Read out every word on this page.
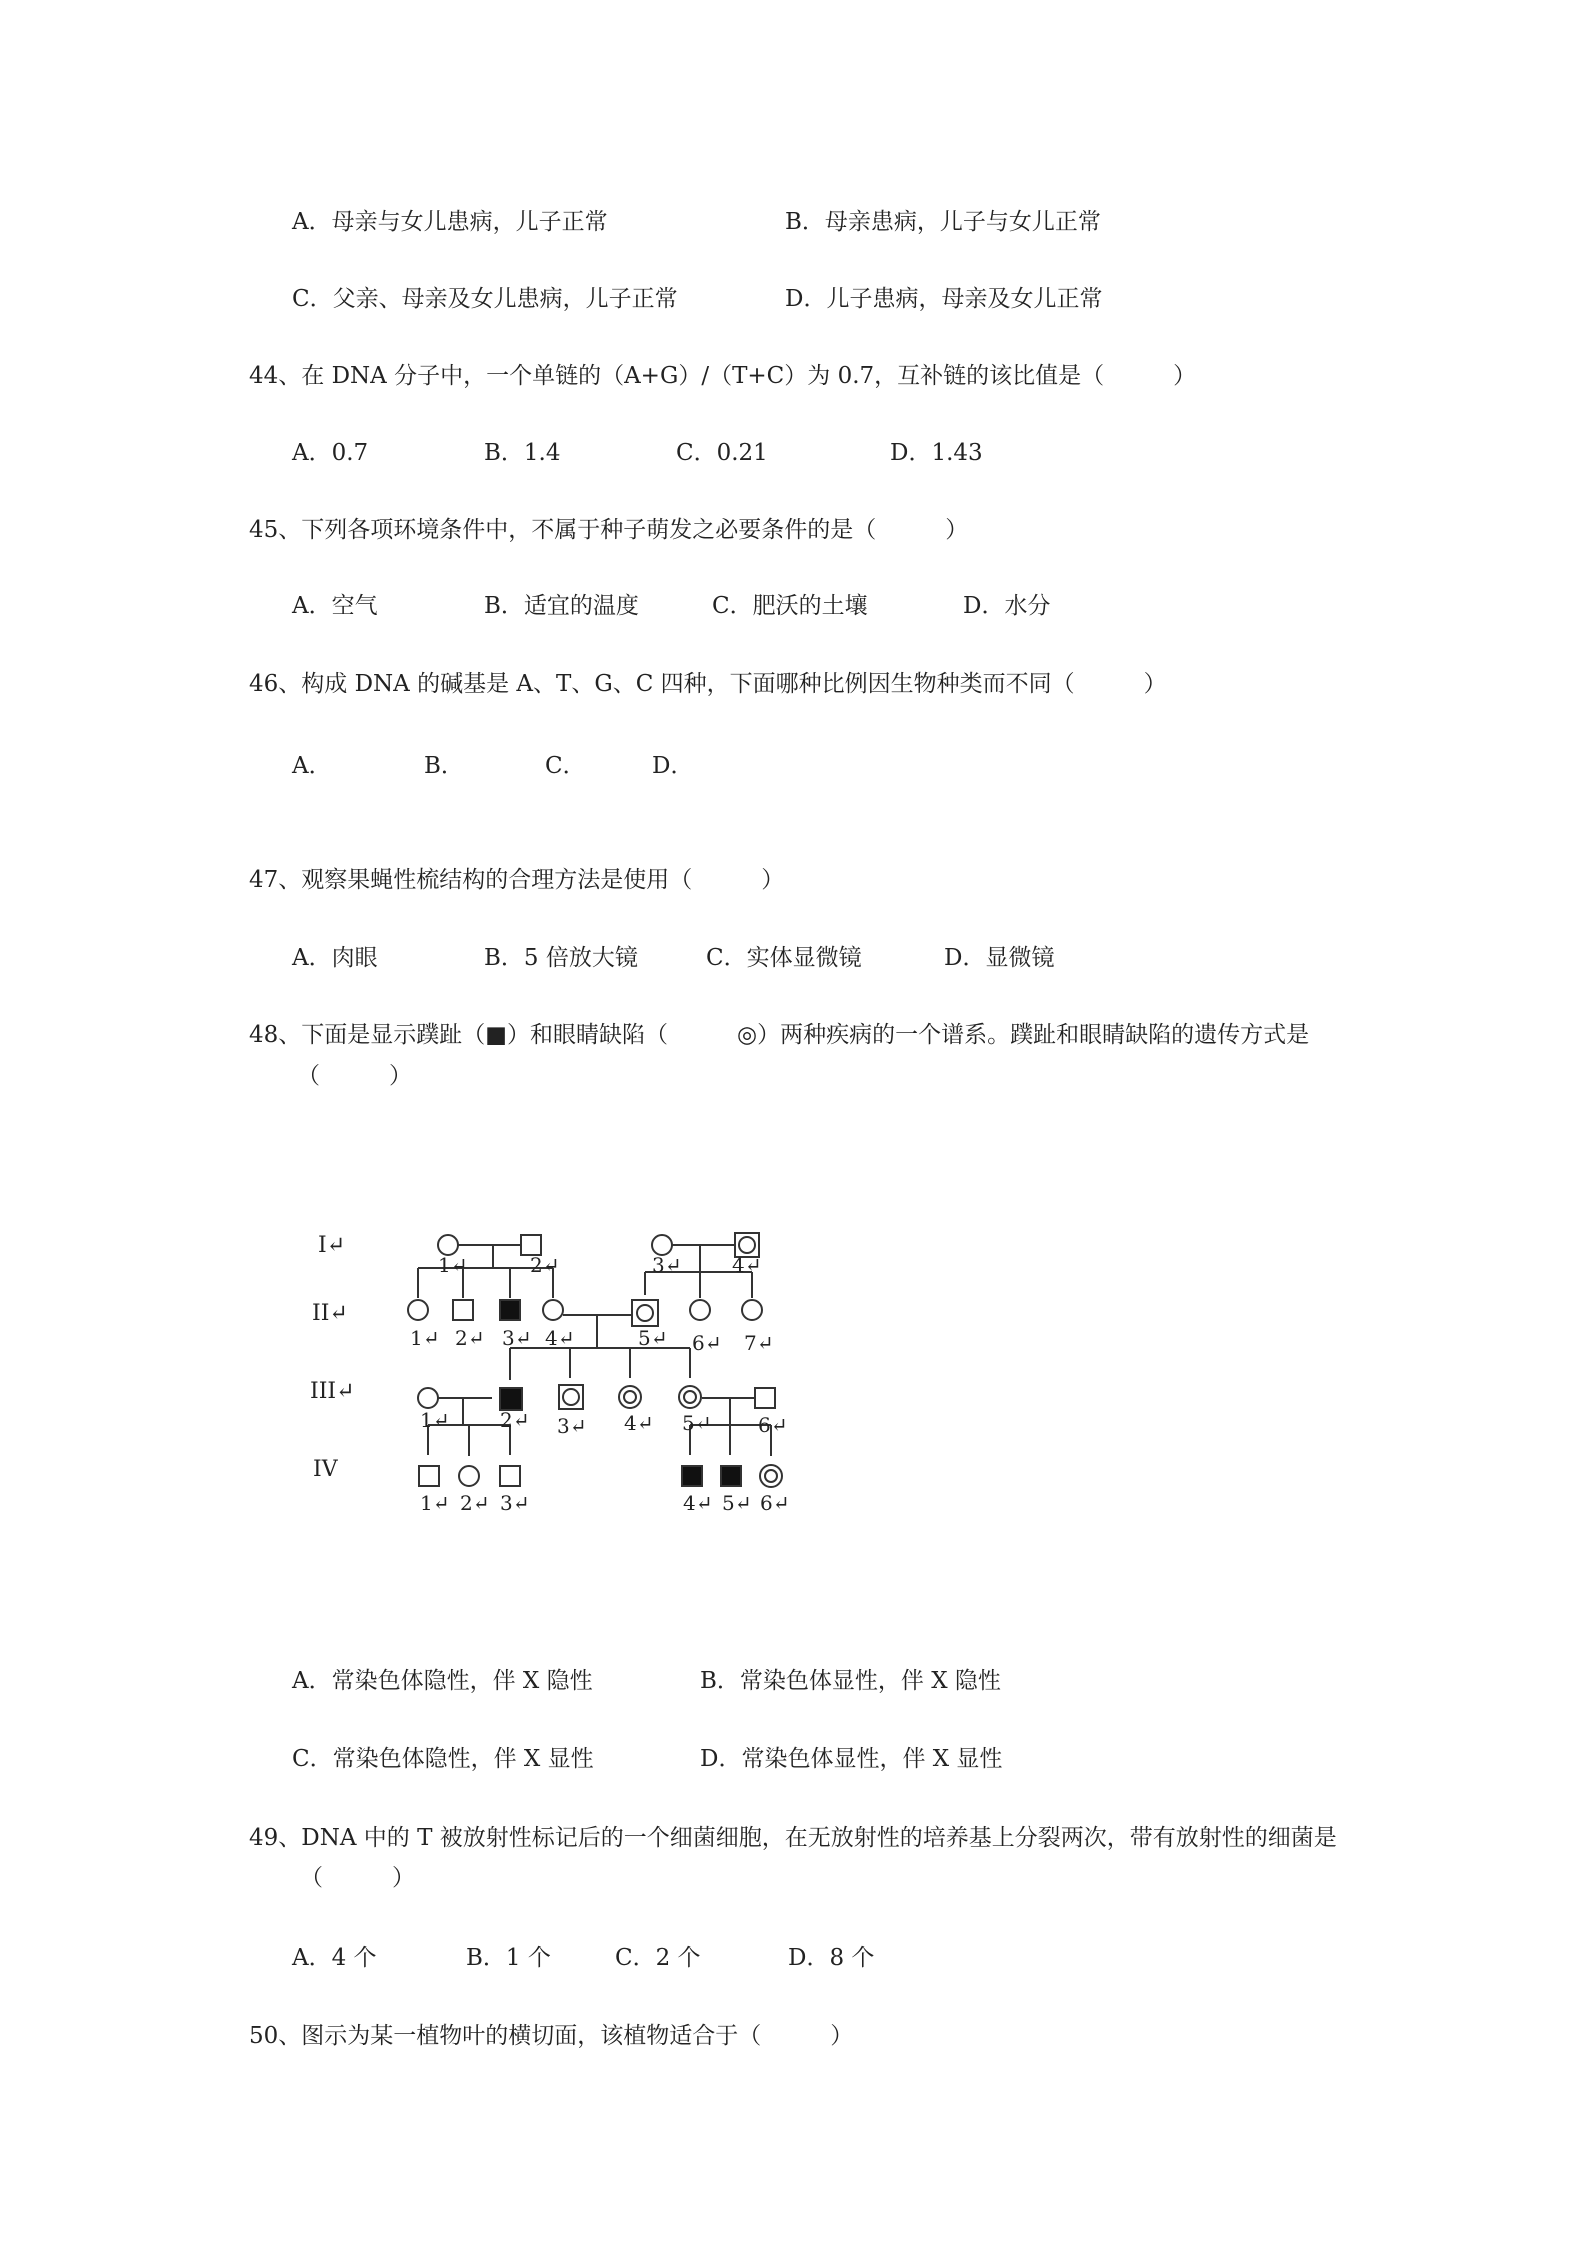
A．母亲与女儿患病，儿子正常	B．母亲患病，儿子与女儿正常
C．父亲、母亲及女儿患病，儿子正常	D．儿子患病，母亲及女儿正常
44、在 DNA 分子中，一个单链的（A+G）/（T+C）为 0.7，互补链的该比值是（　　　）
A．0.7	B．1.4	C．0.21	D．1.43
45、下列各项环境条件中，不属于种子萌发之必要条件的是（　　　）
A．空气	B．适宜的温度	C．肥沃的土壤	D．水分
46、构成 DNA 的碱基是 A、T、G、C 四种，下面哪种比例因生物种类而不同（　　　）
A．	B．	C．	D．
47、观察果蝇性梳结构的合理方法是使用（　　　）
A．肉眼	B．5 倍放大镜	C．实体显微镜	D．显微镜
48、下面是显示蹼趾（■）和眼睛缺陷（　　　◎）两种疾病的一个谱系。蹼趾和眼睛缺陷的遗传方式是
（　　　）
I↵
II↵
III↵
IV
1↵	2↵	3↵	4↵
1↵ 2↵ 3↵ 4↵	5↵ 6↵ 7↵
1↵	2↵ 3↵ 4↵ 5↵ 6↵
1↵ 2↵ 3↵	4↵ 5↵ 6↵
A．常染色体隐性，伴 X 隐性	B．常染色体显性，伴 X 隐性
C．常染色体隐性，伴 X 显性	D．常染色体显性，伴 X 显性
49、DNA 中的 T 被放射性标记后的一个细菌细胞，在无放射性的培养基上分裂两次，带有放射性的细菌是
（　　　）
A．4 个	B．1 个	C．2 个	D．8 个
50、图示为某一植物叶的横切面，该植物适合于（　　　）
